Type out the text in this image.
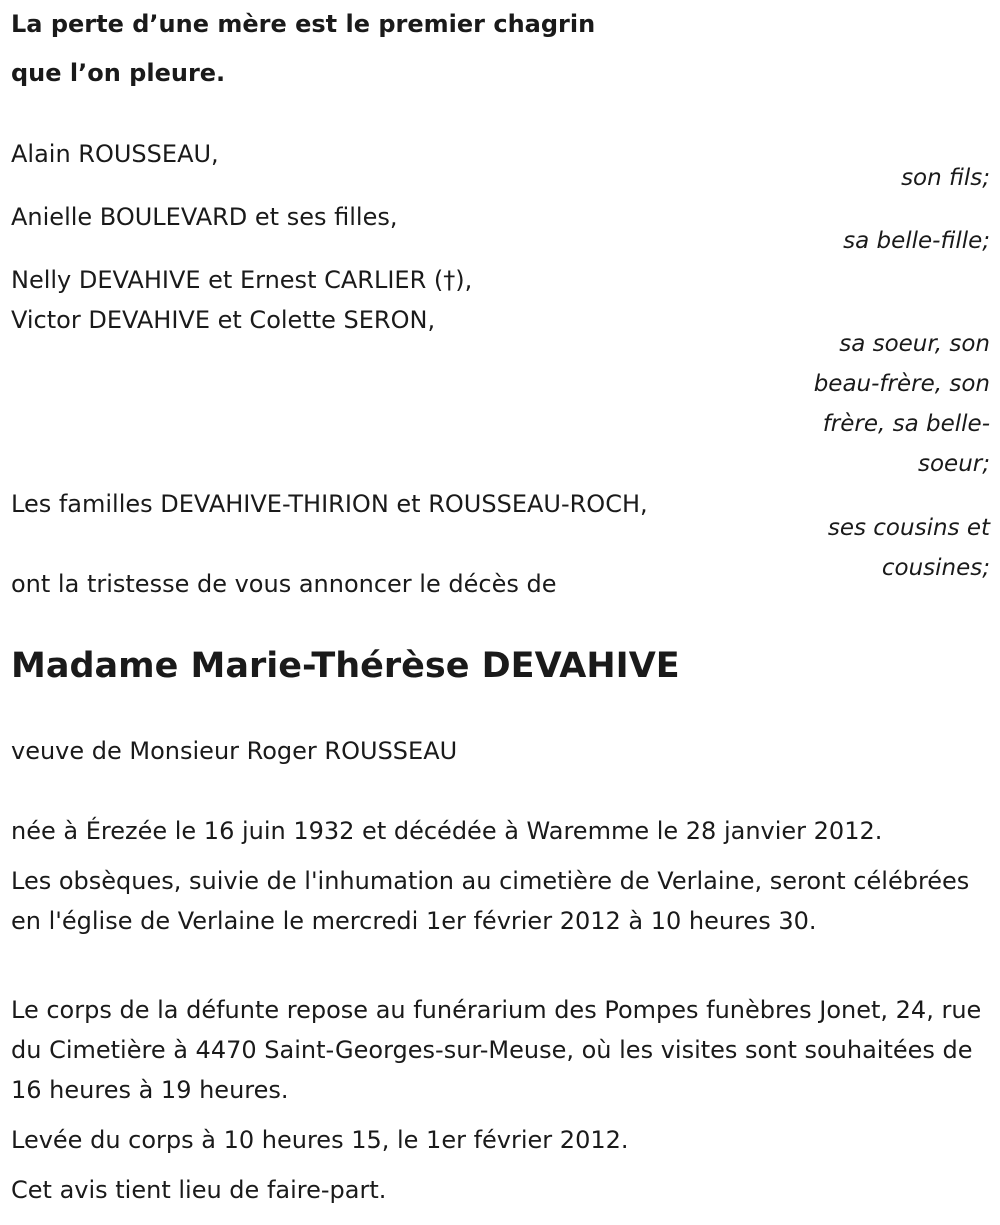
La perte d’une mère est le premier chagrin
que l’on pleure.
Alain ROUSSEAU,
son fils;
Anielle BOULEVARD et ses filles,
sa belle-fille;
Nelly DEVAHIVE et Ernest CARLIER (†),
Victor DEVAHIVE et Colette SERON,
sa soeur, son
beau-frère, son
frère, sa belle-
soeur;
Les familles DEVAHIVE-THIRION et ROUSSEAU-ROCH,
ses cousins et
cousines;
ont la tristesse de vous annoncer le décès de
Madame Marie-Thérèse DEVAHIVE
veuve de Monsieur Roger ROUSSEAU
née à Érezée le 16 juin 1932 et décédée à Waremme le 28 janvier 2012.
Les obsèques, suivie de l'inhumation au cimetière de Verlaine, seront célébrées en l'église de Verlaine le mercredi 1er février 2012 à 10 heures 30.
Le corps de la défunte repose au funérarium des Pompes funèbres Jonet, 24, rue du Cimetière à 4470 Saint-Georges-sur-Meuse, où les visites sont souhaitées de 16 heures à 19 heures.
Levée du corps à 10 heures 15, le 1er février 2012.
Cet avis tient lieu de faire-part.
